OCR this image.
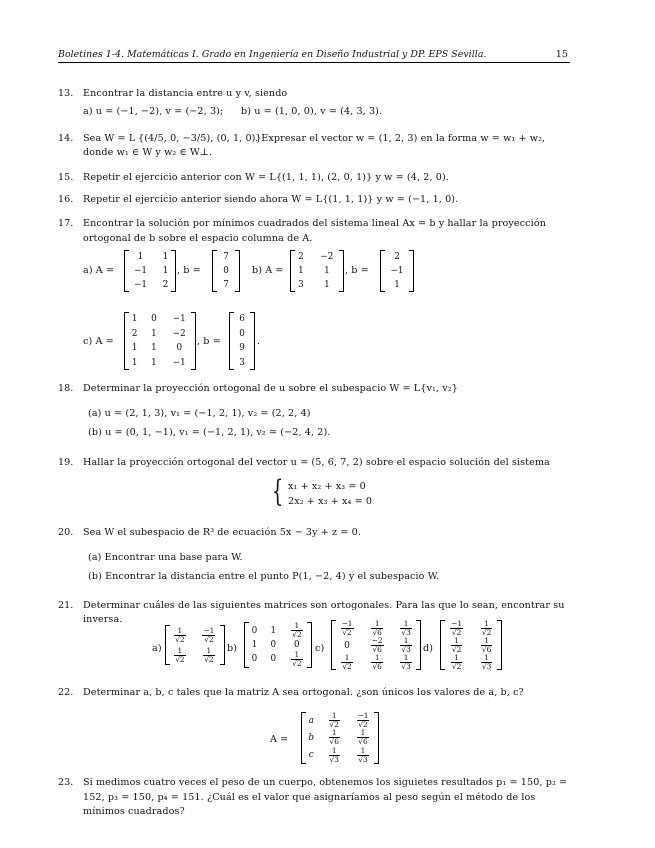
Boletines 1-4. Matemáticas I. Grado en Ingeniería en Diseño Industrial y DP. EPS Sevilla.	15
13. Encontrar la distancia entre u y v, siendo
a) u = (−1, −2), v = (−2, 3); b) u = (1, 0, 0), v = (4, 3, 3).
14. Sea W = L {(4/5, 0, −3/5), (0, 1, 0)}
. Expresar el vector w = (1, 2, 3) en la forma w = w₁ + w₂,
donde w₁ ∈ W y w₂ ∈ W⊥.
15. Repetir el ejercicio anterior con W = L{(1, 1, 1), (2, 0, 1)} y w = (4, 2, 0).
16. Repetir el ejercicio anterior siendo ahora W = L{(1, 1, 1)} y w = (−1, 1, 0).
17. Encontrar la solución por mínimos cuadrados del sistema lineal Ax = b y hallar la proyección
ortogonal de b sobre el espacio columna de A.
a) A =
1	1
−1	1
−1	2
, b =
7
0
7
b) A =
2	−2
1	1
3	1
, b =
2
−1
1
c) A =
1	0	−1
2	1	−2
1	1	0
1	1	−1
, b =
6
0
9
3
.
18. Determinar la proyección ortogonal de u sobre el subespacio W = L{v₁, v₂}
(a) u = (2, 1, 3), v₁ = (−1, 2, 1), v₂ = (2, 2, 4)
(b) u = (0, 1, −1), v₁ = (−1, 2, 1), v₂ = (−2, 4, 2).
19. Hallar la proyección ortogonal del vector u = (5, 6, 7, 2) sobre el espacio solución del sistema
{ x₁ + x₂ + x₃ = 0
2x₂ + x₃ + x₄ = 0
20. Sea W el subespacio de R³ de ecuación 5x − 3y + z = 0.
(a) Encontrar una base para W.
(b) Encontrar la distancia entre el punto P(1, −2, 4) y el subespacio W.
21. Determinar cuáles de las siguientes matrices son ortogonales. Para las que lo sean, encontrar su
inversa.
a)
$\frac{1}{√2}$	$\frac{-1}{√2}$

$\frac{1}{√2}$	$\frac{1}{√2} b$)
0	1	$\frac{1}{√2}$

1	0	0
0	0	$\frac{1}{√2}$
c)
$\frac{-1}{√2}$	$\frac{1}{√6}$	$\frac{1}{√3}$

0	$\frac{-2}{√6}$	$\frac{1}{√3}$

$\frac{1}{√2}$	$\frac{1}{√6}$	$\frac{1}{√3}$
d)
$\frac{-1}{√2}$	$\frac{1}{√2}$

$\frac{1}{√2}$	$\frac{1}{√6}$

$\frac{1}{√2}$	$\frac{1}{√3}$
22. Determinar a, b, c tales que la matriz A sea ortogonal. ¿son únicos los valores de a, b, c?
A =
a	$\frac{1}{√2}$	$\frac{-1}{√2}$

b	$\frac{1}{√6}$	$\frac{1}{√6}$

c	$\frac{1}{√3}$	$\frac{1}{√3}$
23. Si medimos cuatro veces el peso de un cuerpo, obtenemos los siguietes resultados p₁ = 150, p₂ =
152, p₃ = 150, p₄ = 151. ¿Cuál es el valor que asignaríamos al peso según el método de los
mínimos cuadrados?
